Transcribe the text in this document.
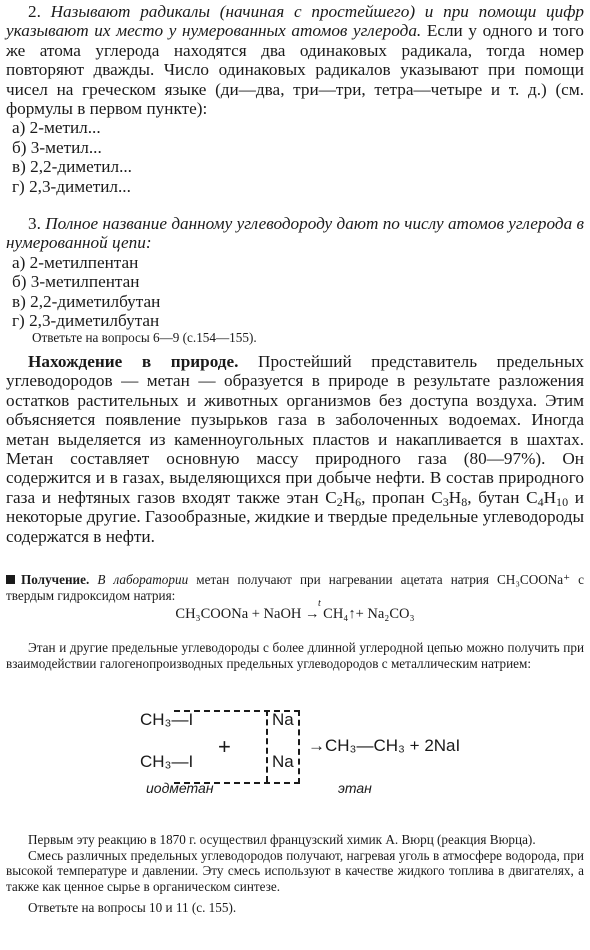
2. Называют радикалы (начиная с простейшего) и при помощи цифр указывают их место у нумерованных атомов углерода. Если у одного и того же атома углерода находятся два одинаковых радикала, тогда номер повторяют дважды. Число одинаковых радикалов указывают при помощи чисел на греческом языке (ди—два, три—три, тетра—четыре и т. д.) (см. формулы в первом пункте):

а) 2-метил...

б) 3-метил...

в) 2,2-диметил...

г) 2,3-диметил...

3. Полное название данному углеводороду дают по числу атомов углерода в нумерованной цепи:

а) 2-метилпентан

б) 3-метилпентан

в) 2,2-диметилбутан

г) 2,3-диметилбутан

Ответьте на вопросы 6—9 (с.154—155).

Нахождение в природе. Простейший представитель предельных углеводородов — метан — образуется в природе в результате разложения остатков растительных и животных организмов без доступа воздуха. Этим объясняется появление пузырьков газа в заболоченных водоемах. Иногда метан выделяется из каменноугольных пластов и накапливается в шахтах. Метан составляет основную массу природного газа (80—97%). Он содержится и в газах, выделяющихся при добыче нефти. В состав природного газа и нефтяных газов входят также этан $C_2H_6$, пропан $C_3H_8$, бутан $C_4H_{10}$ и некоторые другие. Газообразные, жидкие и твердые предельные углеводороды содержатся в нефти.

Получение. В лаборатории метан получают при нагревании ацетата натрия CH₃COONa⁺ с твердым гидроксидом натрия:

CH₃COONa + NaOH → CH₄↑+ Na₂CO₃
t

Этан и другие предельные углеводороды с более длинной углеродной цепью можно получить при взаимодействии галогенопроизводных предельных углеводородов с металлическим натрием:

CH₃—I	Na
+
CH₃—I	Na
→CH₃—CH₃ + 2NaI
иодметан	этан

Первым эту реакцию в 1870 г. осуществил французский химик А. Вюрц (реакция Вюрца).

Смесь различных предельных углеводородов получают, нагревая уголь в атмосфере водорода, при высокой температуре и давлении. Эту смесь используют в качестве жидкого топлива в двигателях, а также как ценное сырье в органическом синтезе.

Ответьте на вопросы 10 и 11 (с. 155).
